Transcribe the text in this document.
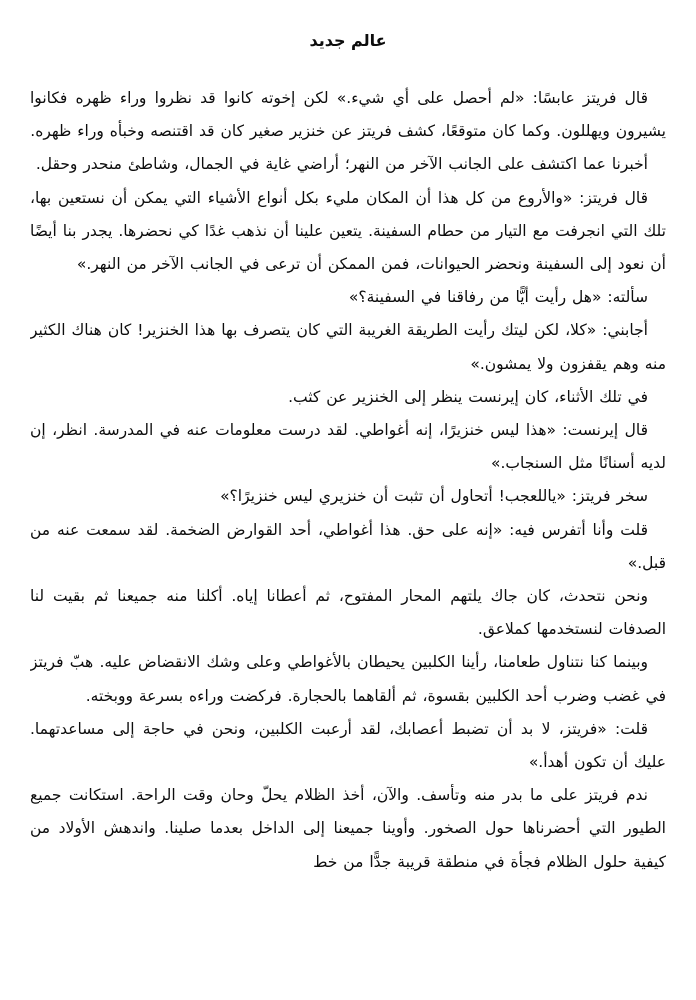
عالم جديد

قال فريتز عابسًا: «لم أحصل على أي شيء.» لكن إخوته كانوا قد نظروا وراء ظهره فكانوا يشيرون ويهللون. وكما كان متوقعًا، كشف فريتز عن خنزير صغير كان قد اقتنصه وخبأه وراء ظهره.

أخبرنا عما اكتشف على الجانب الآخر من النهر؛ أراضي غاية في الجمال، وشاطئ منحدر وحقل.

قال فريتز: «والأروع من كل هذا أن المكان مليء بكل أنواع الأشياء التي يمكن أن نستعين بها، تلك التي انجرفت مع التيار من حطام السفينة. يتعين علينا أن نذهب غدًا كي نحضرها. يجدر بنا أيضًا أن نعود إلى السفينة ونحضر الحيوانات، فمن الممكن أن ترعى في الجانب الآخر من النهر.»

سألته: «هل رأيت أيًّا من رفاقنا في السفينة؟»

أجابني: «كلا، لكن ليتك رأيت الطريقة الغريبة التي كان يتصرف بها هذا الخنزير! كان هناك الكثير منه وهم يقفزون ولا يمشون.»

في تلك الأثناء، كان إيرنست ينظر إلى الخنزير عن كثب.

قال إيرنست: «هذا ليس خنزيرًا، إنه أغواطي. لقد درست معلومات عنه في المدرسة. انظر، إن لديه أسنانًا مثل السنجاب.»

سخر فريتز: «ياللعجب! أتحاول أن تثبت أن خنزيري ليس خنزيرًا؟»

قلت وأنا أتفرس فيه: «إنه على حق. هذا أغواطي، أحد القوارض الضخمة. لقد سمعت عنه من قبل.»

ونحن نتحدث، كان جاك يلتهم المحار المفتوح، ثم أعطانا إياه. أكلنا منه جميعنا ثم بقيت لنا الصدفات لنستخدمها كملاعق.

وبينما كنا نتناول طعامنا، رأينا الكلبين يحيطان بالأغواطي وعلى وشك الانقضاض عليه. هبّ فريتز في غضب وضرب أحد الكلبين بقسوة، ثم ألقاهما بالحجارة. فركضت وراءه بسرعة ووبخته.

قلت: «فريتز، لا بد أن تضبط أعصابك، لقد أرعبت الكلبين، ونحن في حاجة إلى مساعدتهما. عليك أن تكون أهدأ.»

ندم فريتز على ما بدر منه وتأسف. والآن، أخذ الظلام يحلّ وحان وقت الراحة. استكانت جميع الطيور التي أحضرناها حول الصخور. وأوينا جميعنا إلى الداخل بعدما صلينا. واندهش الأولاد من كيفية حلول الظلام فجأة في منطقة قريبة جدًّا من خط
